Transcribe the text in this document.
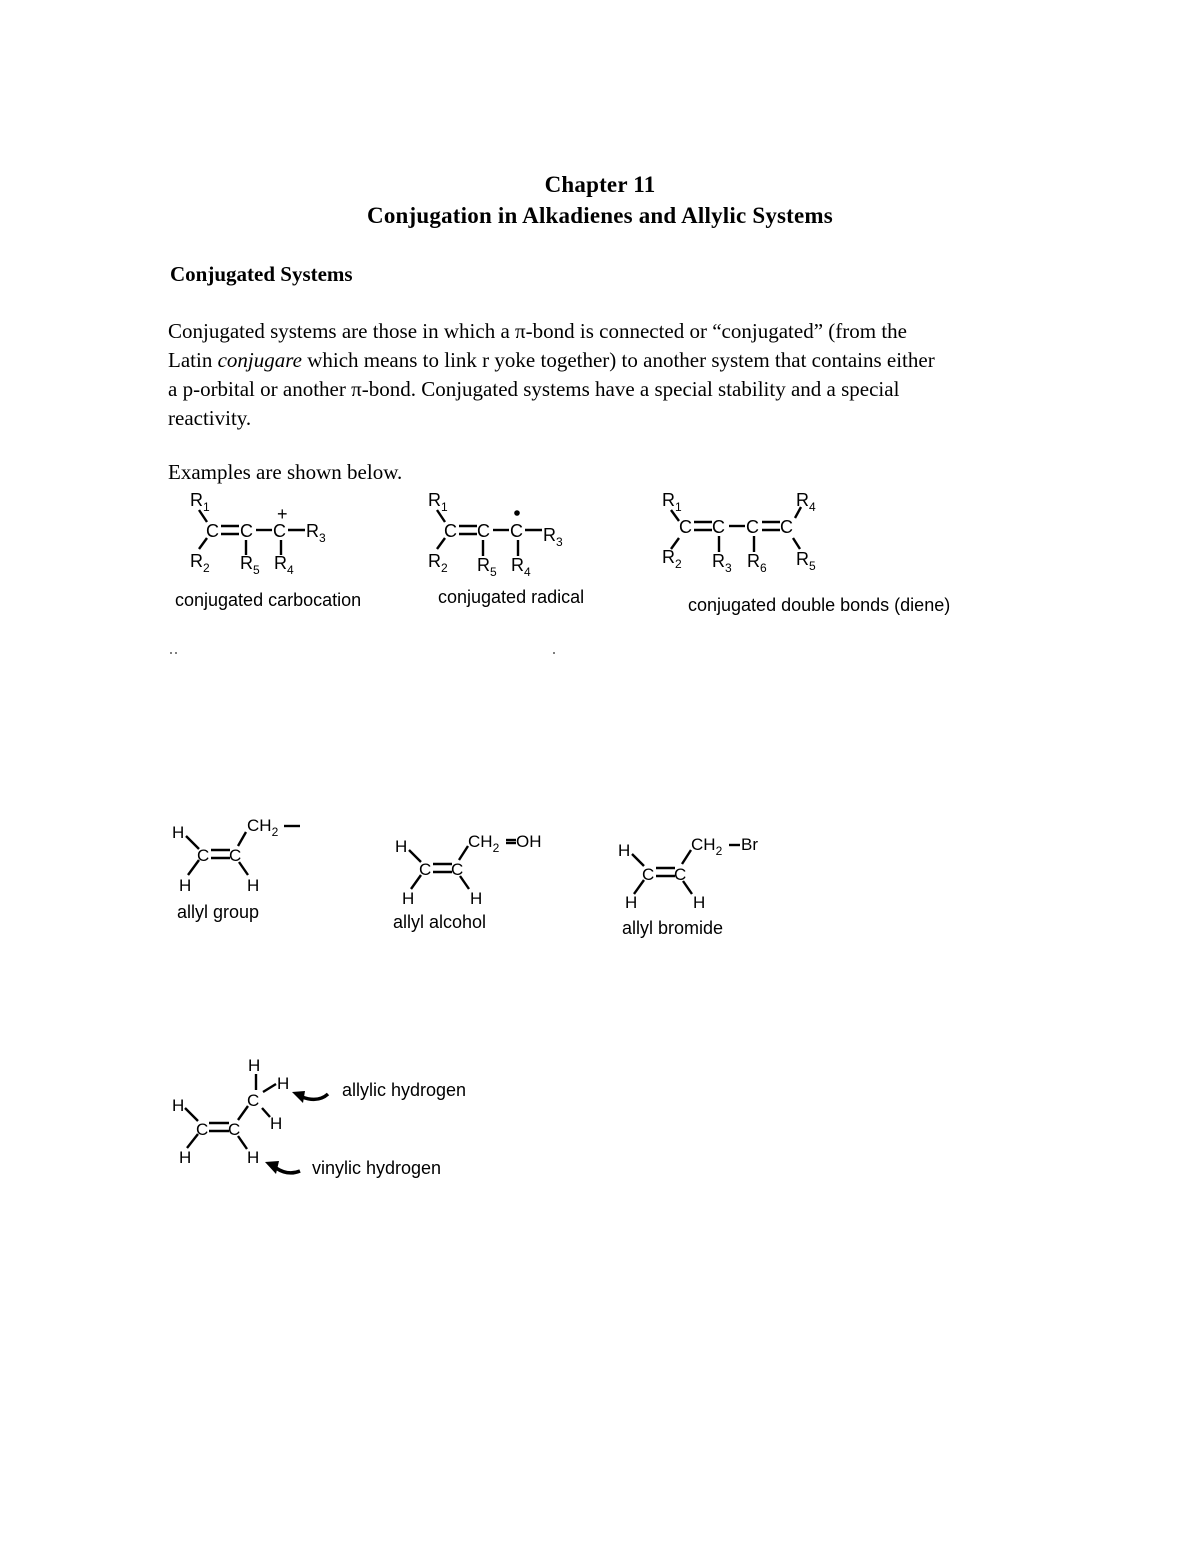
Chapter 11
Conjugation in Alkadienes and Allylic Systems
Conjugated Systems
Conjugated systems are those in which a π-bond is connected or “conjugated” (from the
Latin conjugare which means to link r yoke together) to another system that contains either
a p-orbital or another π-bond. Conjugated systems have a special stability and a special
reactivity.
Examples are shown below.
$R_1$
C C C
+
$R_3$
$R_2$ $R_5$ $R_4$
conjugated carbocation
$R_1$
C C C $R_3$
$R_2$ $R_5$ $R_4$
conjugated radical
$R_1$
C C C C
$R_4$
$R_2$ $R_3$ $R_6$ $R_5$
conjugated double bonds (diene)
H
C C
H	H
$CH_2$
allyl group
H
C C
H	H
$CH_2$ OH
allyl alcohol
H
C C
H	H
$CH_2$ Br
allyl bromide
H
C C
C
H
H
H
H	H
allylic hydrogen
vinylic hydrogen
